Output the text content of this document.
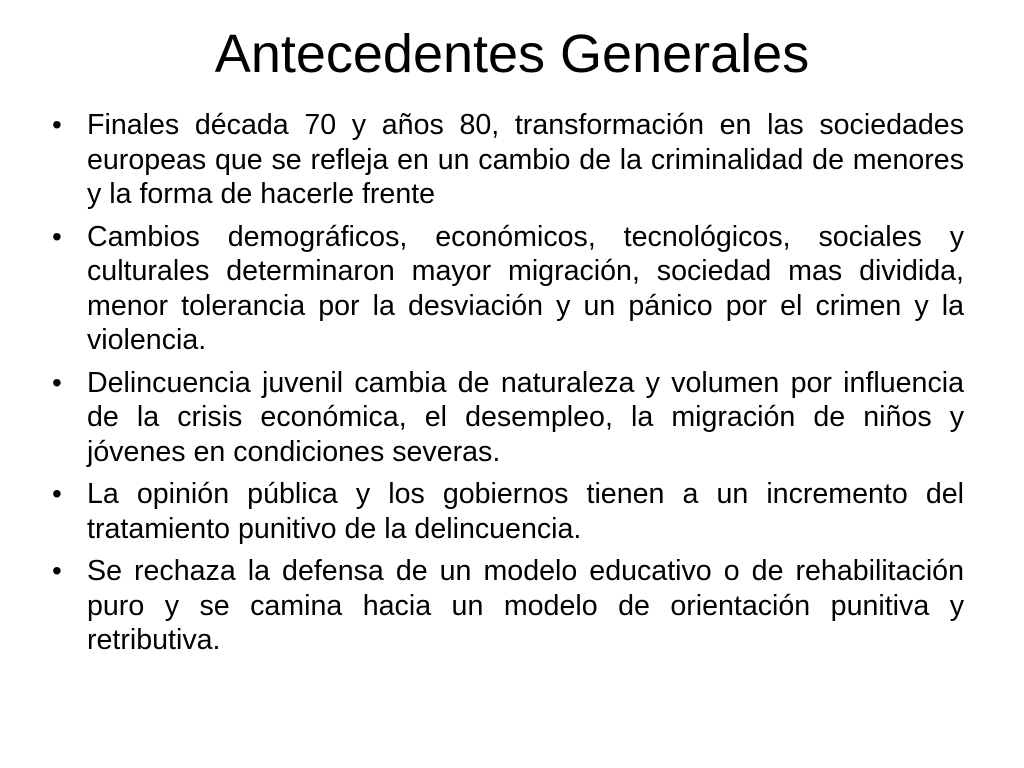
Antecedentes Generales
• Finales década 70 y años 80, transformación en las sociedades europeas que se refleja en un cambio de la criminalidad de menores y la forma de hacerle frente
• Cambios demográficos, económicos, tecnológicos, sociales y culturales determinaron mayor migración, sociedad mas dividida, menor tolerancia por la desviación y un pánico por el crimen y la violencia.
• Delincuencia juvenil cambia de naturaleza y volumen por influencia de la crisis económica, el desempleo, la migración de niños y jóvenes en condiciones severas.
• La opinión pública y los gobiernos tienen a un incremento del tratamiento punitivo de la delincuencia.
• Se rechaza la defensa de un modelo educativo o de rehabilitación puro y se camina hacia un modelo de orientación punitiva y retributiva.
